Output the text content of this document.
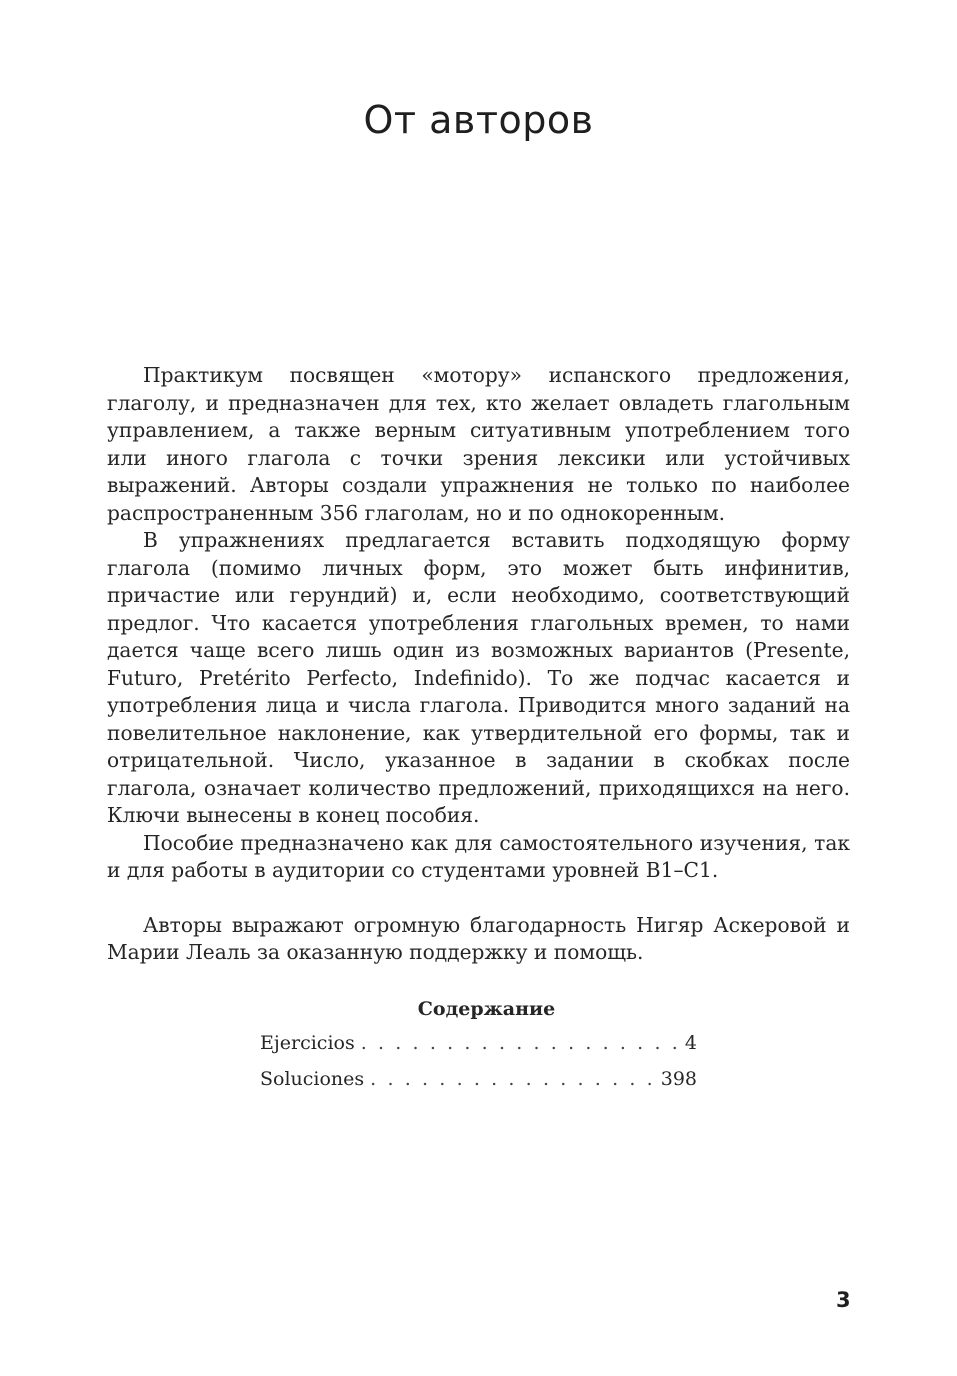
От авторов

Практикум посвящен «мотору» испанского предложения, глаголу, и предназначен для тех, кто желает овладеть глагольным управлением, а также верным ситуативным употреблением того или иного глагола с точки зрения лексики или устойчивых выражений. Авторы создали упражнения не только по наиболее распространенным 356 глаголам, но и по однокоренным.

В упражнениях предлагается вставить подходящую форму глагола (помимо личных форм, это может быть инфинитив, причастие или герундий) и, если необходимо, соответствующий предлог. Что касается употребления глагольных времен, то нами дается чаще всего лишь один из возможных вариантов (Presente, Futuro, Pretérito Perfecto, Indefinido). То же подчас касается и употребления лица и числа глагола. Приводится много заданий на повелительное наклонение, как утвердительной его формы, так и отрицательной. Число, указанное в задании в скобках после глагола, означает количество предложений, приходящихся на него. Ключи вынесены в конец пособия.

Пособие предназначено как для самостоятельного изучения, так и для работы в аудитории со студентами уровней B1–C1.

Авторы выражают огромную благодарность Нигяр Аскеровой и Марии Леаль за оказанную поддержку и помощь.

Содержание
Ejercicios . . .	4
Soluciones . . .	398
3
